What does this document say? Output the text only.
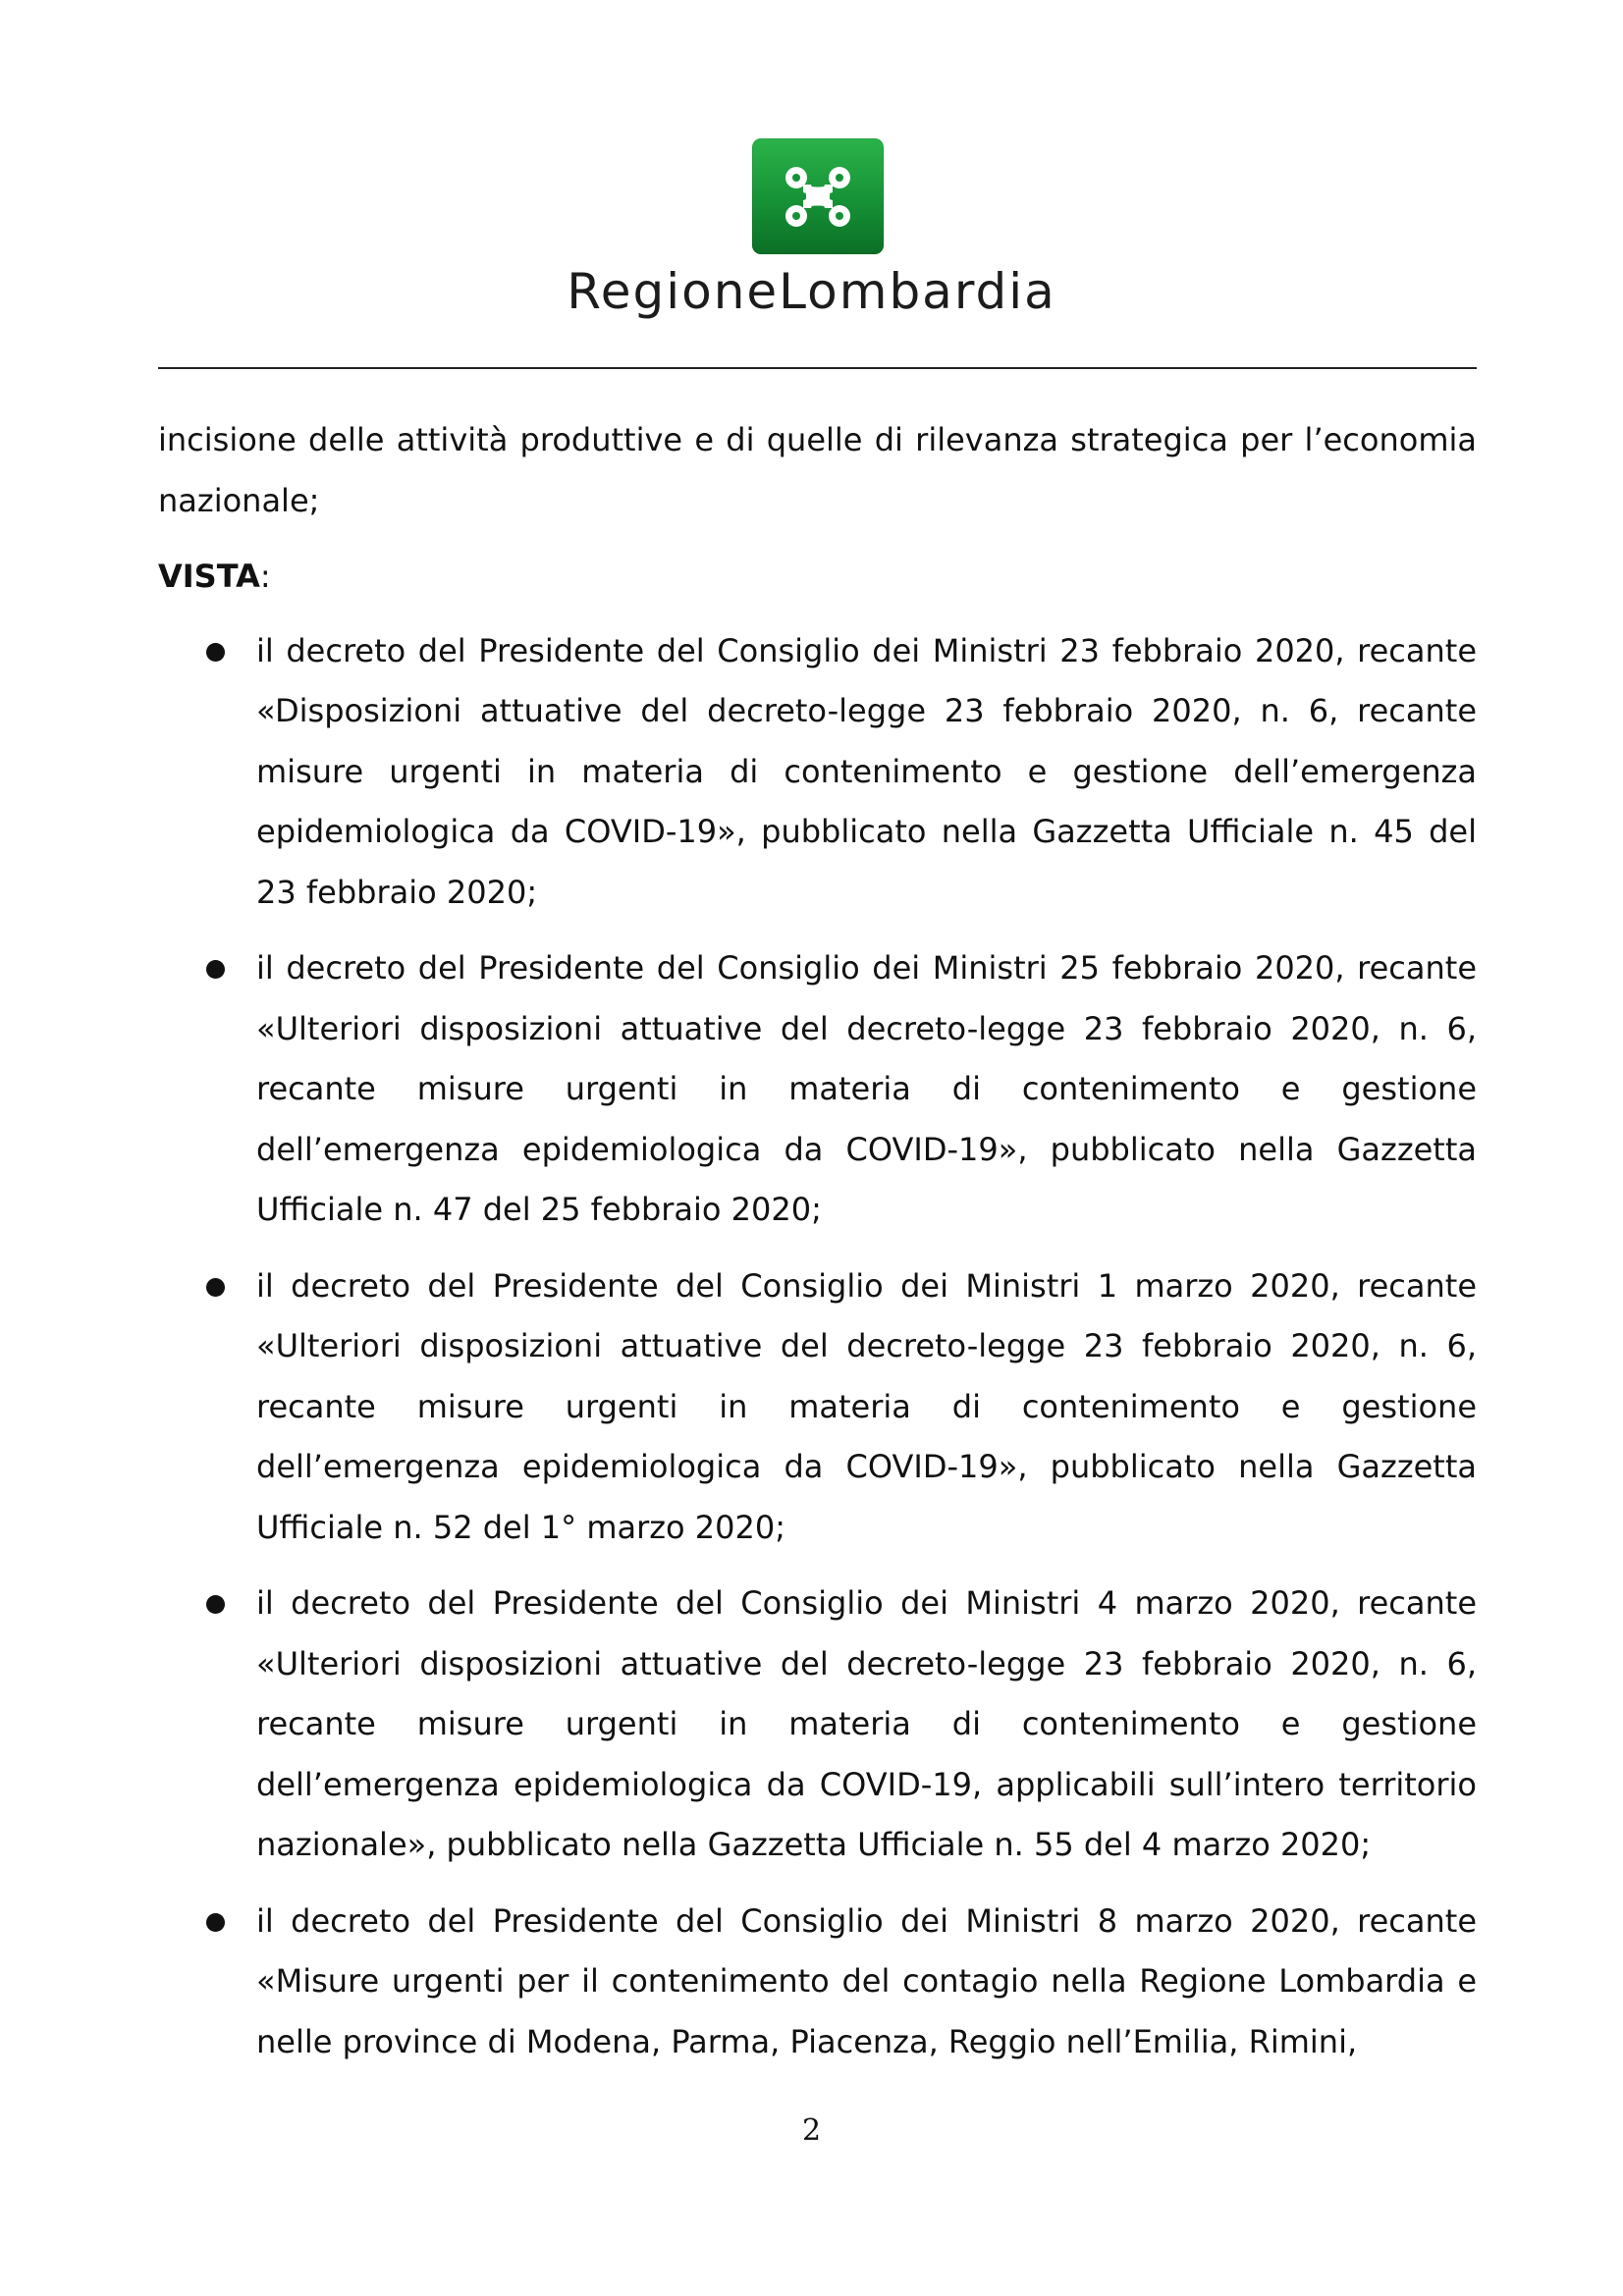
RegioneLombardia

incisione delle attività produttive e di quelle di rilevanza strategica per l’economia nazionale;

VISTA:

il decreto del Presidente del Consiglio dei Ministri 23 febbraio 2020, recante «Disposizioni attuative del decreto-legge 23 febbraio 2020, n. 6, recante misure urgenti in materia di contenimento e gestione dell’emergenza epidemiologica da COVID-19», pubblicato nella Gazzetta Ufficiale n. 45 del 23 febbraio 2020;
il decreto del Presidente del Consiglio dei Ministri 25 febbraio 2020, recante «Ulteriori disposizioni attuative del decreto-legge 23 febbraio 2020, n. 6, recante misure urgenti in materia di contenimento e gestione dell’emergenza epidemiologica da COVID-19», pubblicato nella Gazzetta Ufficiale n. 47 del 25 febbraio 2020;
il decreto del Presidente del Consiglio dei Ministri 1 marzo 2020, recante «Ulteriori disposizioni attuative del decreto-legge 23 febbraio 2020, n. 6, recante misure urgenti in materia di contenimento e gestione dell’emergenza epidemiologica da COVID-19», pubblicato nella Gazzetta Ufficiale n. 52 del 1° marzo 2020;
il decreto del Presidente del Consiglio dei Ministri 4 marzo 2020, recante «Ulteriori disposizioni attuative del decreto-legge 23 febbraio 2020, n. 6, recante misure urgenti in materia di contenimento e gestione dell’emergenza epidemiologica da COVID-19, applicabili sull’intero territorio nazionale», pubblicato nella Gazzetta Ufficiale n. 55 del 4 marzo 2020;
il decreto del Presidente del Consiglio dei Ministri 8 marzo 2020, recante «Misure urgenti per il contenimento del contagio nella Regione Lombardia e nelle province di Modena, Parma, Piacenza, Reggio nell’Emilia, Rimini,
2
